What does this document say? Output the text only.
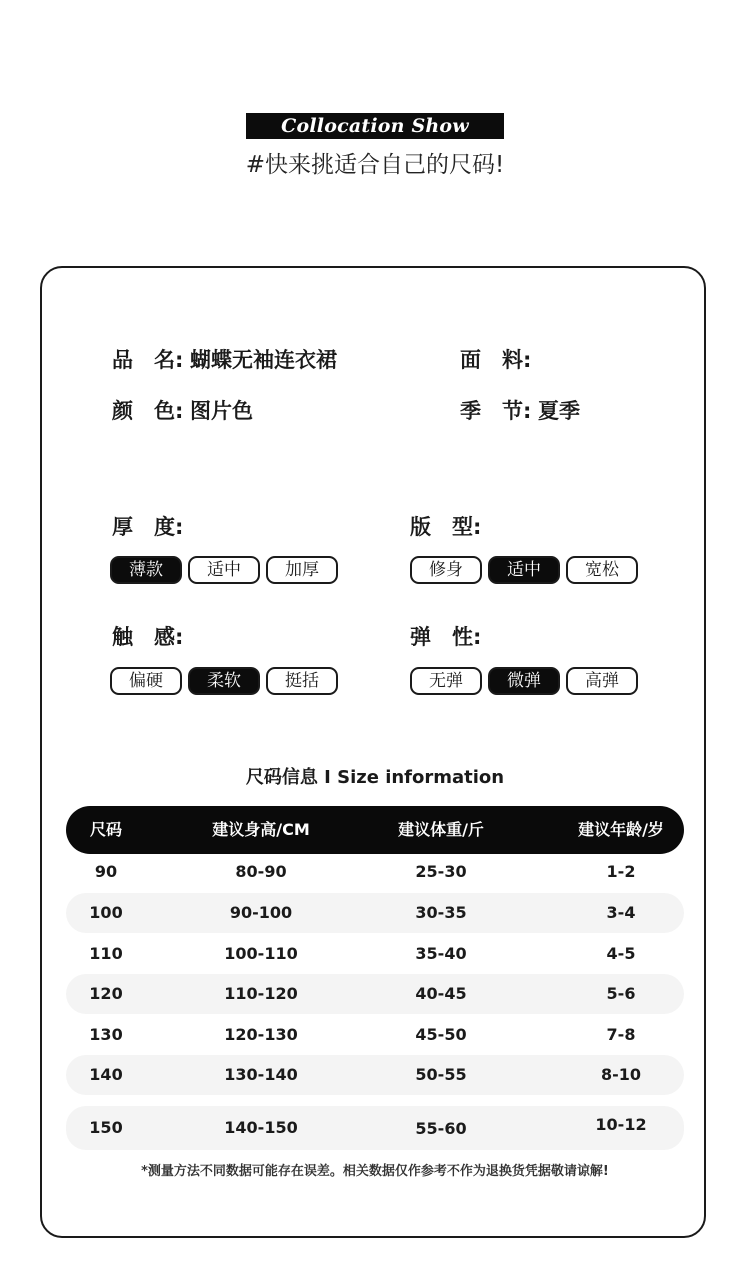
Collocation Show
#快来挑适合自己的尺码!
品　名: 蝴蝶无袖连衣裙	面　料:
颜　色: 图片色	季　节: 夏季
厚　度:
薄款	适中	加厚
版　型:
修身	适中	宽松
触　感:
偏硬	柔软	挺括
弹　性:
无弹	微弹	高弹
尺码信息 I Size information
尺码	建议身高/CM	建议体重/斤	建议年龄/岁
90	80-90	25-30	1-2
100	90-100	30-35	3-4
110	100-110	35-40	4-5
120	110-120	40-45	5-6
130	120-130	45-50	7-8
140	130-140	50-55	8-10
150	140-150	55-60	10-12
*测量方法不同数据可能存在误差。相关数据仅作参考不作为退换货凭据敬请谅解!
